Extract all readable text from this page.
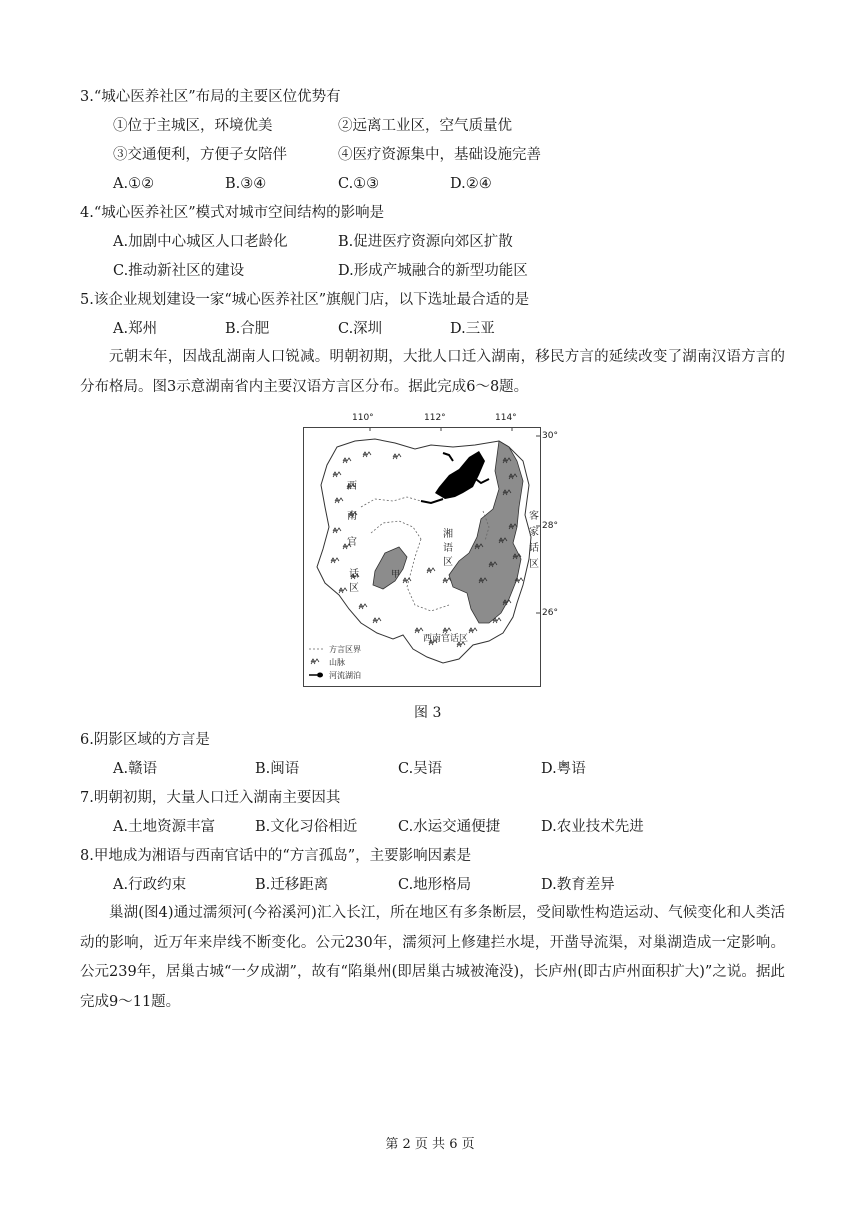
3.“城心医养社区”布局的主要区位优势有
①位于主城区，环境优美	②远离工业区，空气质量优
③交通便利，方便子女陪伴	④医疗资源集中，基础设施完善
A.①②	B.③④	C.①③	D.②④
4.“城心医养社区”模式对城市空间结构的影响是
A.加剧中心城区人口老龄化	B.促进医疗资源向郊区扩散
C.推动新社区的建设	D.形成产城融合的新型功能区
5.该企业规划建设一家“城心医养社区”旗舰门店，以下选址最合适的是
A.郑州	B.合肥	C.深圳	D.三亚
元朝末年，因战乱湖南人口锐减。明朝初期，大批人口迁入湖南，移民方言的延续改变了湖南汉语方言的分布格局。图3示意湖南省内主要汉语方言区分布。据此完成6～8题。
西
南
官
话
区
甲
湘
语
区
客
家
话
区
西南官话区
方言区界
山脉
河流湖泊
110°	112°	114°
30°
28°
26°
图 3
6.阴影区域的方言是
A.赣语	B.闽语	C.吴语	D.粤语
7.明朝初期，大量人口迁入湖南主要因其
A.土地资源丰富	B.文化习俗相近	C.水运交通便捷	D.农业技术先进
8.甲地成为湘语与西南官话中的“方言孤岛”，主要影响因素是
A.行政约束	B.迁移距离	C.地形格局	D.教育差异
巢湖(图4)通过濡须河(今裕溪河)汇入长江，所在地区有多条断层，受间歇性构造运动、气候变化和人类活动的影响，近万年来岸线不断变化。公元230年，濡须河上修建拦水堤，开凿导流渠，对巢湖造成一定影响。公元239年，居巢古城“一夕成湖”，故有“陷巢州(即居巢古城被淹没)，长庐州(即古庐州面积扩大)”之说。据此完成9～11题。
第 2 页 共 6 页
